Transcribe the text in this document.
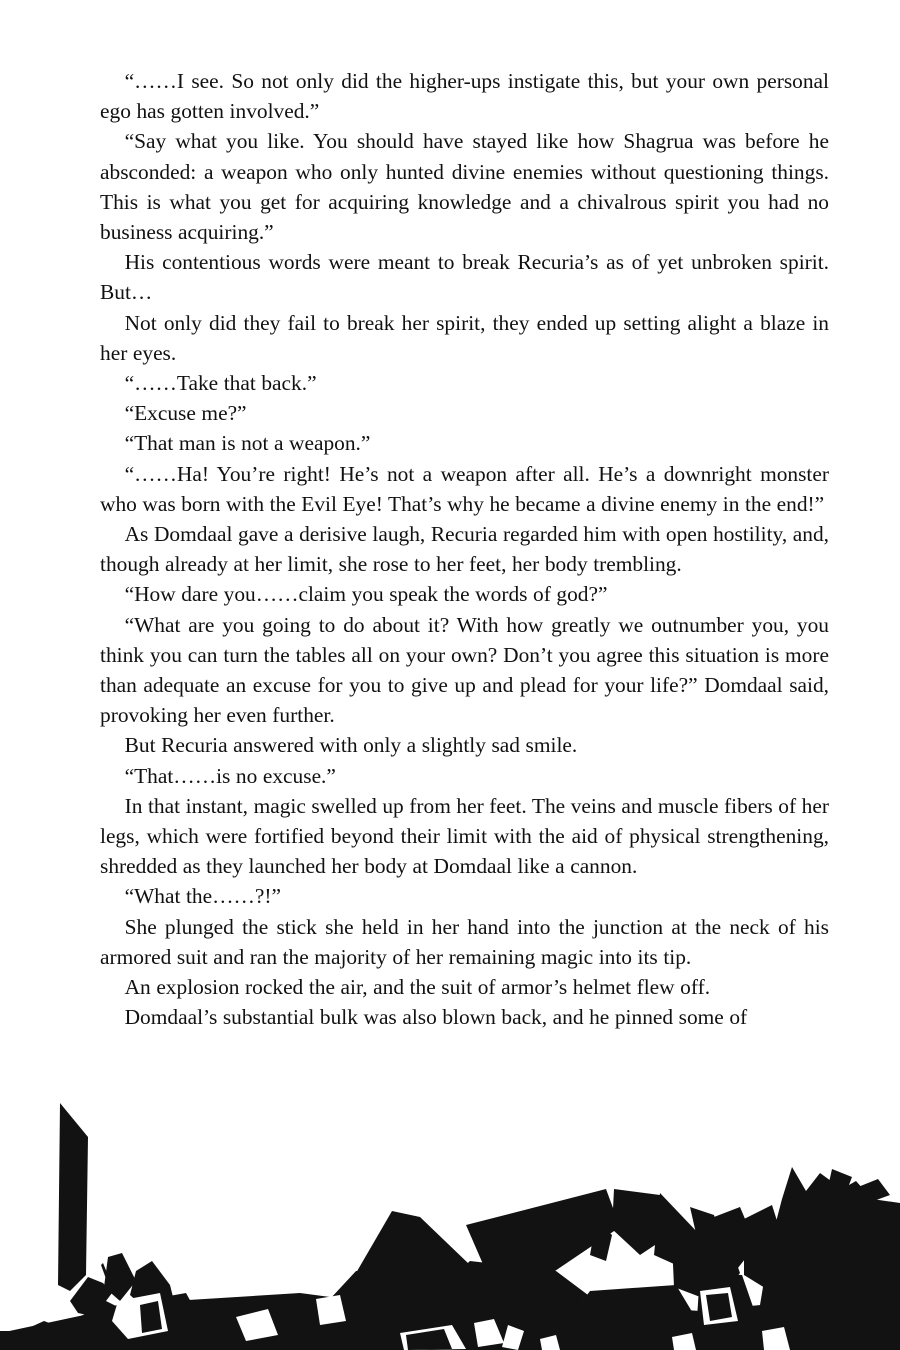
“……I see. So not only did the higher-ups instigate this, but your own personal ego has gotten involved.”

“Say what you like. You should have stayed like how Shagrua was before he absconded: a weapon who only hunted divine enemies without questioning things. This is what you get for acquiring knowledge and a chivalrous spirit you had no business acquiring.”

His contentious words were meant to break Recuria’s as of yet unbroken spirit. But…

Not only did they fail to break her spirit, they ended up setting alight a blaze in her eyes.

“……Take that back.”

“Excuse me?”

“That man is not a weapon.”

“……Ha! You’re right! He’s not a weapon after all. He’s a downright monster who was born with the Evil Eye! That’s why he became a divine enemy in the end!”

As Domdaal gave a derisive laugh, Recuria regarded him with open hostility, and, though already at her limit, she rose to her feet, her body trembling.

“How dare you……claim you speak the words of god?”

“What are you going to do about it? With how greatly we outnumber you, you think you can turn the tables all on your own? Don’t you agree this situation is more than adequate an excuse for you to give up and plead for your life?” Domdaal said, provoking her even further.

But Recuria answered with only a slightly sad smile.

“That……is no excuse.”

In that instant, magic swelled up from her feet. The veins and muscle fibers of her legs, which were fortified beyond their limit with the aid of physical strengthening, shredded as they launched her body at Domdaal like a cannon.

“What the……?!”

She plunged the stick she held in her hand into the junction at the neck of his armored suit and ran the majority of her remaining magic into its tip.

An explosion rocked the air, and the suit of armor’s helmet flew off.

Domdaal’s substantial bulk was also blown back, and he pinned some of
